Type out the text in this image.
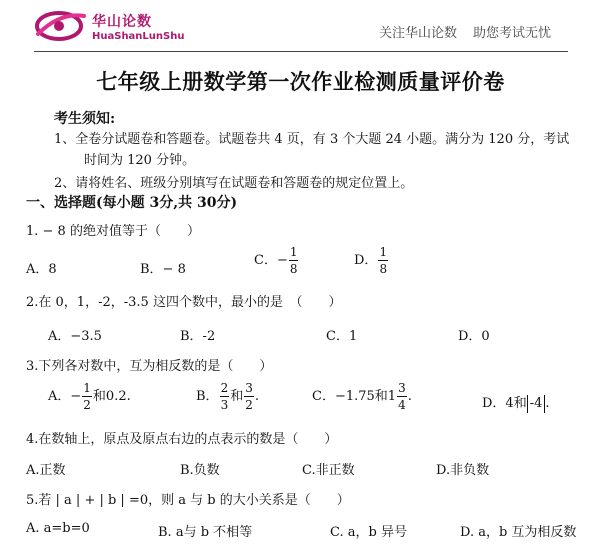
华山论数
HuaShanLunShu	关注华山论数 助您考试无忧
七年级上册数学第一次作业检测质量评价卷
考生须知:
1、全卷分试题卷和答题卷。试题卷共 4 页，有 3 个大题 24 小题。满分为 120 分，考试
时间为 120 分钟。
2、请将姓名、班级分别填写在试题卷和答题卷的规定位置上。
一、选择题(每小题 3分,共 30分)
1. − 8 的绝对值等于（　　）
A．8	B．− 8
C．− $\frac{1}{8}$	D． $\frac{1}{8}$
2.在 0，1，-2，-3.5 这四个数中，最小的是　（　　）
A．−3.5	B．-2	C．1	D．0
3.下列各对数中，互为相反数的是（　　）
A．− $\frac{1}{2}$ 和0.2.	B． $\frac{2}{3}$ 和 $\frac{3}{2}$ .	C．−1.75和$1 \frac{3}{4}$ .	D．4和 -4 .
4.在数轴上，原点及原点右边的点表示的数是（　　）
A.正数	B.负数	C.非正数	D.非负数
5.若 | a | + | b | =0，则 a 与 b 的大小关系是（　　）
A. a=b=0	B. a与 b 不相等	C. a，b 异号	D. a，b 互为相反数
